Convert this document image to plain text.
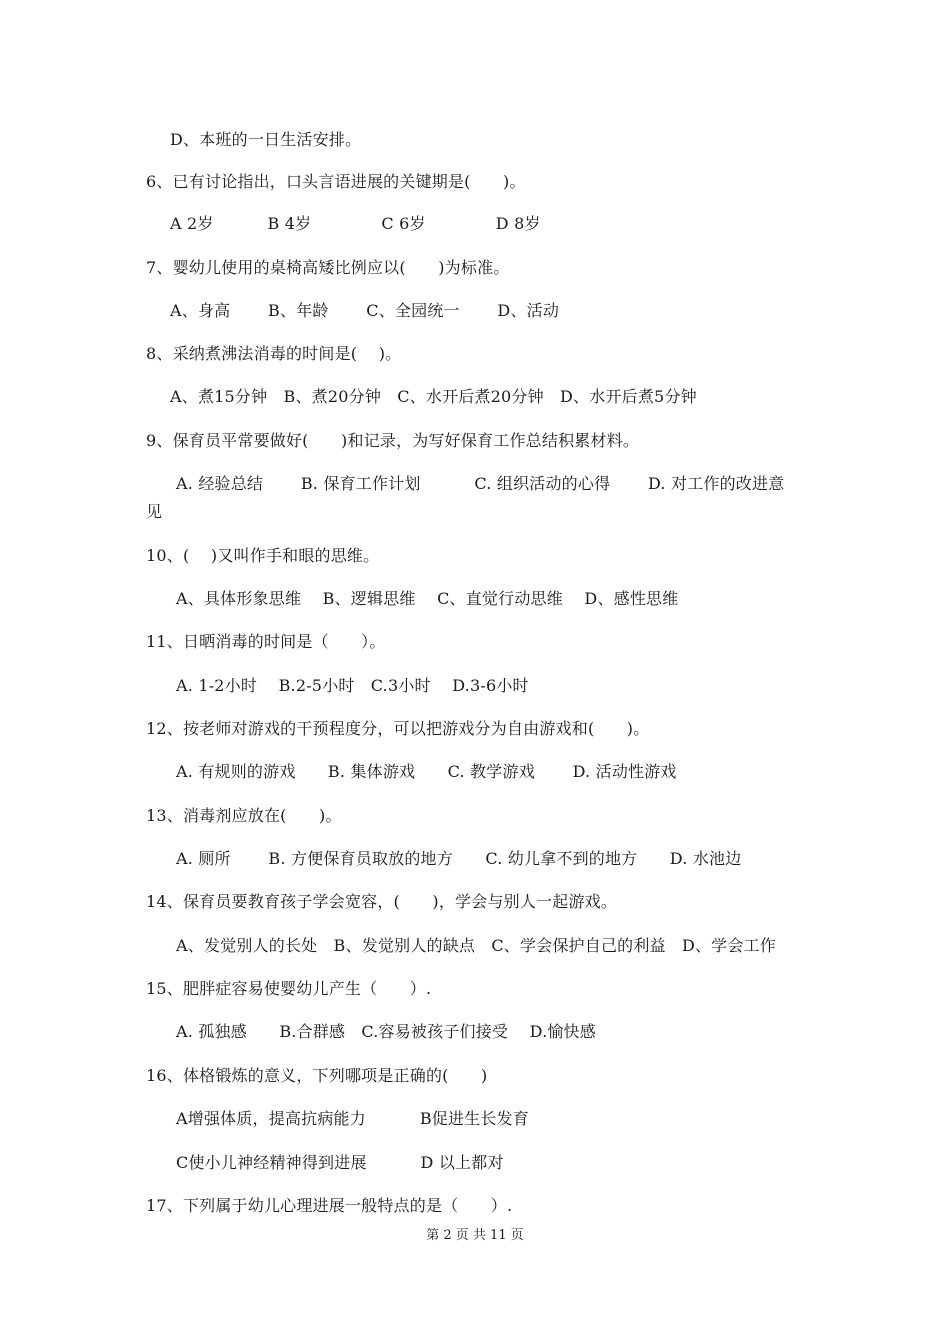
D、本班的一日生活安排。
6、已有讨论指出，口头言语进展的关键期是(　　)。
A 2岁　　　 B 4岁　　　　 C 6岁　　　　 D 8岁
7、婴幼儿使用的桌椅高矮比例应以(　　)为标准。
A、身高　　 B、年龄　　 C、全园统一　　 D、活动
8、采纳煮沸法消毒的时间是(　 )。
A、煮15分钟　B、煮20分钟　C、水开后煮20分钟　D、水开后煮5分钟
9、保育员平常要做好(　　)和记录，为写好保育工作总结积累材料。
A. 经验总结　　 B. 保育工作计划　　　 C. 组织活动的心得　　 D. 对工作的改进意
见
10、(　 )又叫作手和眼的思维。
A、具体形象思维　 B、逻辑思维　 C、直觉行动思维　 D、感性思维
11、日晒消毒的时间是（　　）。
A. 1-2小时　 B.2-5小时　C.3小时　 D.3-6小时
12、按老师对游戏的干预程度分，可以把游戏分为自由游戏和(　　)。
A. 有规则的游戏　　B. 集体游戏　　C. 教学游戏　　 D. 活动性游戏
13、消毒剂应放在(　　)。
A. 厕所　　 B. 方便保育员取放的地方　　C. 幼儿拿不到的地方　　D. 水池边
14、保育员要教育孩子学会宽容，(　　)，学会与别人一起游戏。
A、发觉别人的长处　B、发觉别人的缺点　C、学会保护自己的利益　D、学会工作
15、肥胖症容易使婴幼儿产生（　　）.
A. 孤独感　　B.合群感　C.容易被孩子们接受　 D.愉快感
16、体格锻炼的意义，下列哪项是正确的(　　)
A增强体质，提高抗病能力　　　 B促进生长发育
C使小儿神经精神得到进展　　　 D 以上都对
17、下列属于幼儿心理进展一般特点的是（　　）.
第 2 页 共 11 页
